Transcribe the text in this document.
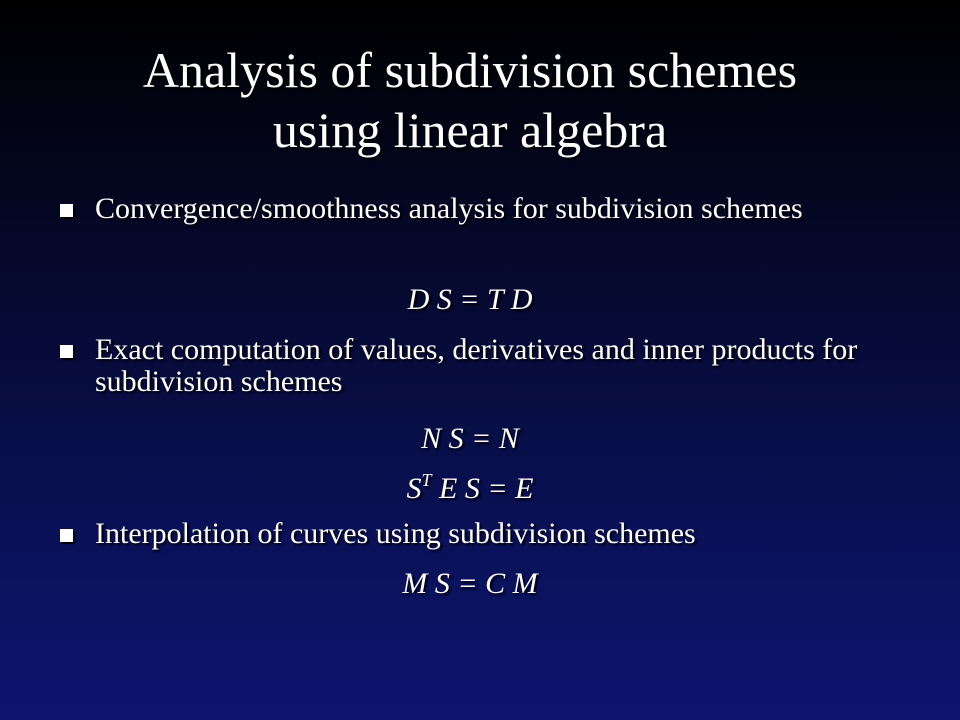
Analysis of subdivision schemes
using linear algebra
Convergence/smoothness analysis for subdivision schemes
D S = T D
Exact computation of values, derivatives and inner products for subdivision schemes
N S = N
$S^T$ E S = E
Interpolation of curves using subdivision schemes
M S = C M
